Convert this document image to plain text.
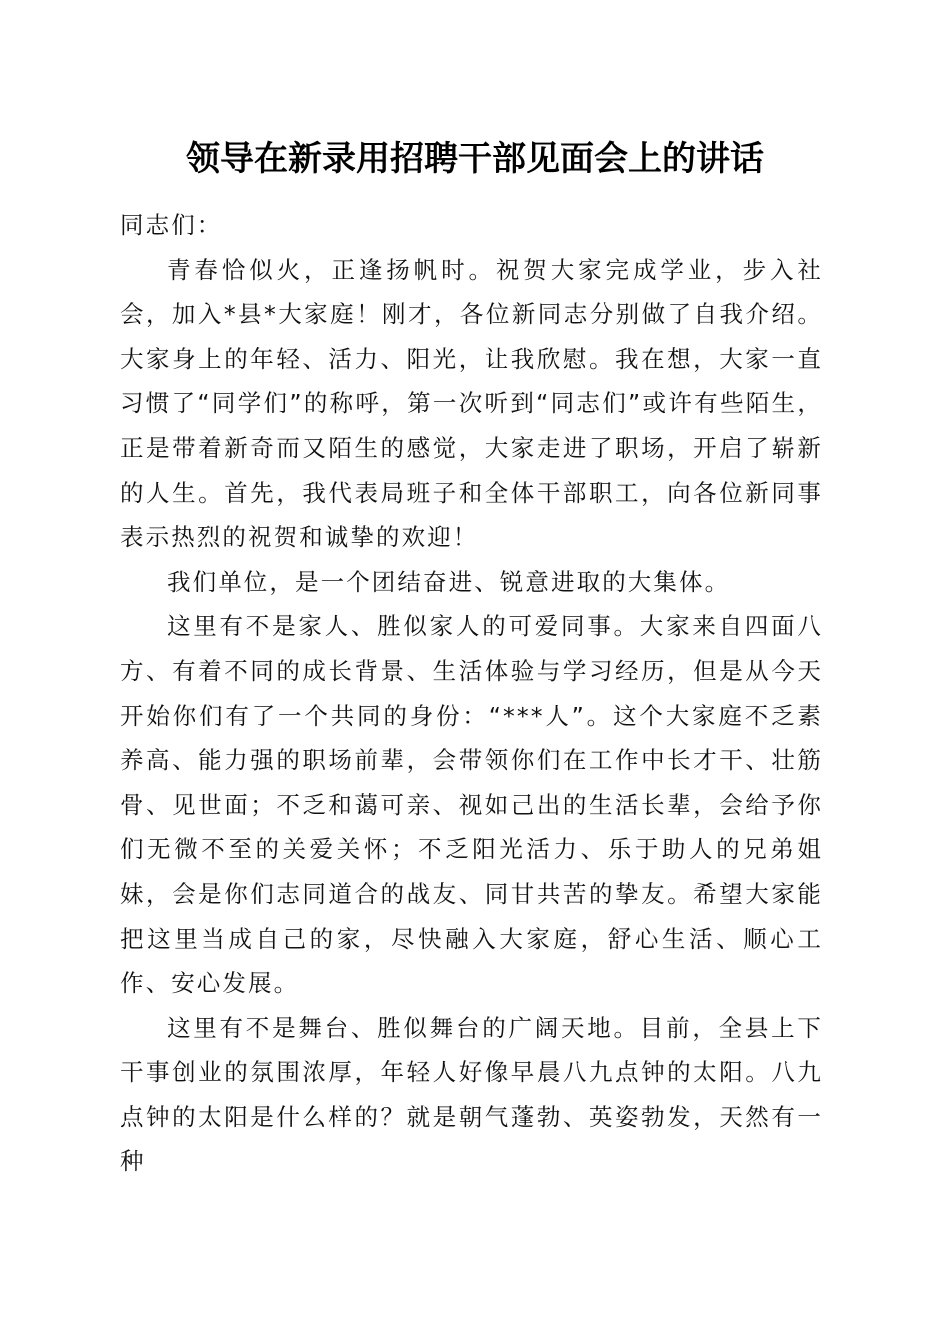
领导在新录用招聘干部见面会上的讲话

同志们：

青春恰似火，正逢扬帆时。祝贺大家完成学业，步入社会，加入*县*大家庭！刚才，各位新同志分别做了自我介绍。大家身上的年轻、活力、阳光，让我欣慰。我在想，大家一直习惯了“同学们”的称呼，第一次听到“同志们”或许有些陌生，正是带着新奇而又陌生的感觉，大家走进了职场，开启了崭新的人生。首先，我代表局班子和全体干部职工，向各位新同事表示热烈的祝贺和诚挚的欢迎！

我们单位，是一个团结奋进、锐意进取的大集体。

这里有不是家人、胜似家人的可爱同事。大家来自四面八方、有着不同的成长背景、生活体验与学习经历，但是从今天开始你们有了一个共同的身份：“***人”。这个大家庭不乏素养高、能力强的职场前辈，会带领你们在工作中长才干、壮筋骨、见世面；不乏和蔼可亲、视如己出的生活长辈，会给予你们无微不至的关爱关怀；不乏阳光活力、乐于助人的兄弟姐妹，会是你们志同道合的战友、同甘共苦的挚友。希望大家能把这里当成自己的家，尽快融入大家庭，舒心生活、顺心工作、安心发展。

这里有不是舞台、胜似舞台的广阔天地。目前，全县上下干事创业的氛围浓厚，年轻人好像早晨八九点钟的太阳。八九点钟的太阳是什么样的？就是朝气蓬勃、英姿勃发，天然有一种
